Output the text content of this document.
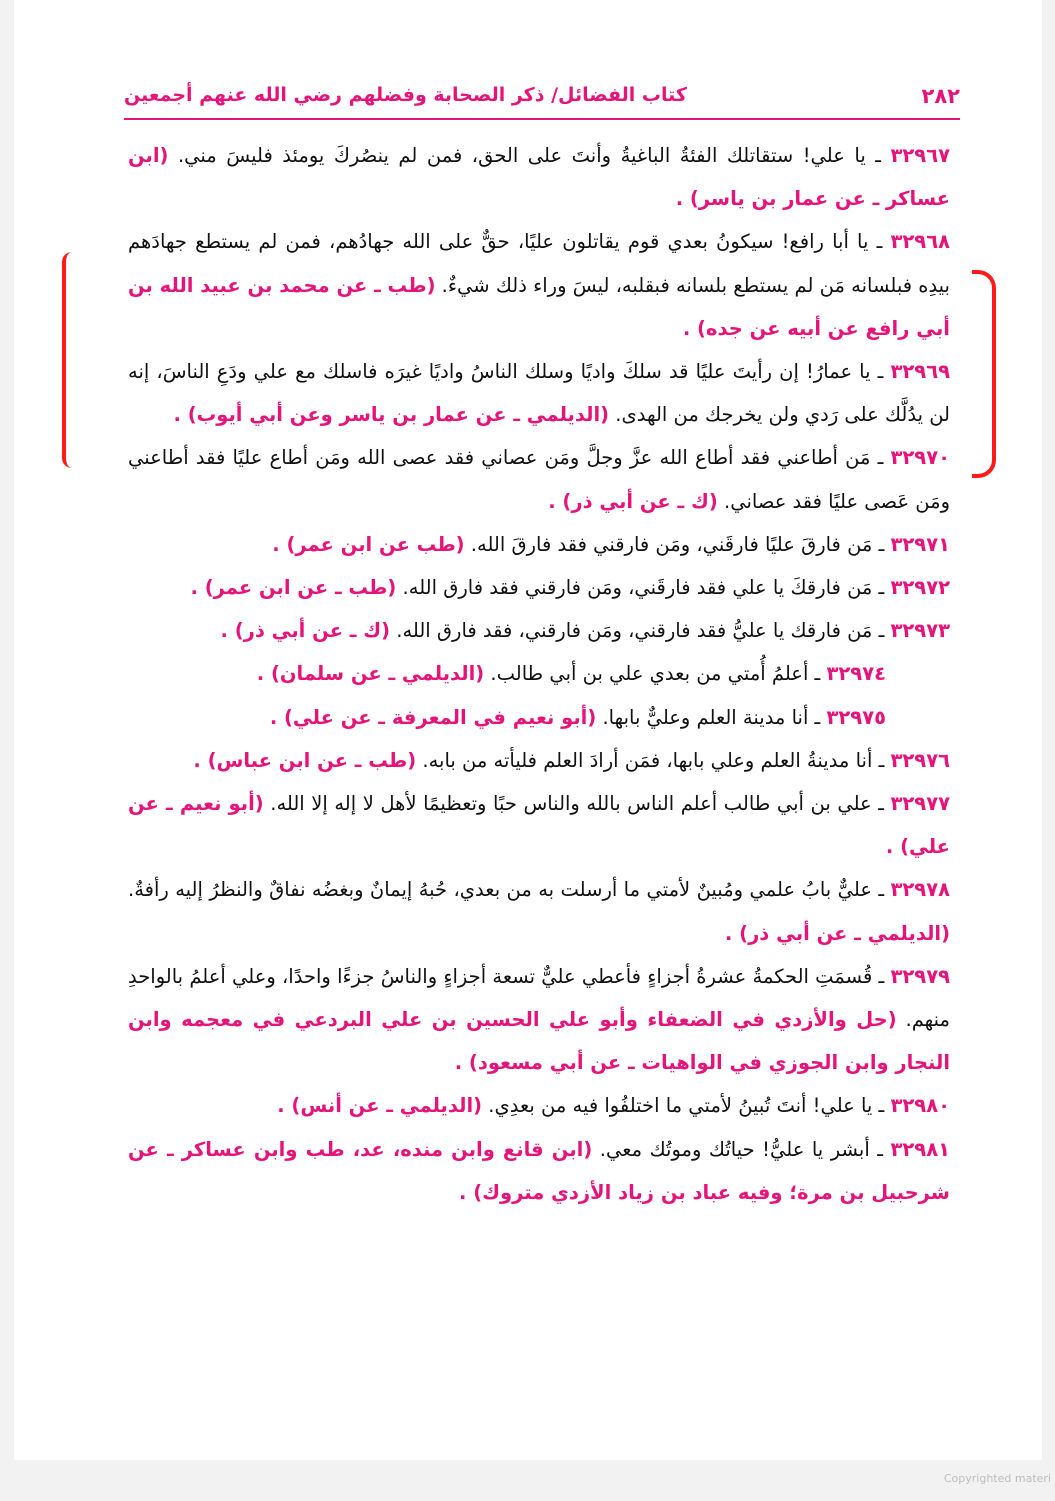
٢٨٢
كتاب الفضائل/ ذكر الصحابة وفضلهم رضي الله عنهم أجمعين

٣٢٩٦٧ ـ يا علي! ستقاتلك الفئةُ الباغيةُ وأنتَ على الحق، فمن لم ينصُركَ يومئذ فليسَ مني. (ابن عساكر ـ عن عمار بن ياسر) .

٣٢٩٦٨ ـ يا أبا رافع! سيكونُ بعدي قوم يقاتلون عليًا، حقٌّ على الله جهادُهم، فمن لم يستطع جهادَهم بيدِه فبلسانه مَن لم يستطع بلسانه فبقلبه، ليسَ وراء ذلك شيءٌ. (طب ـ عن محمد بن عبيد الله بن أبي رافع عن أبيه عن جده) .

٣٢٩٦٩ ـ يا عمارُ! إن رأيتَ عليًا قد سلكَ واديًا وسلك الناسُ واديًا غيرَه فاسلك مع علي ودَعِ الناسَ، إنه لن يدُلَّك على رَدي ولن يخرجك من الهدى. (الديلمي ـ عن عمار بن ياسر وعن أبي أيوب) .

٣٢٩٧٠ ـ مَن أطاعني فقد أطاع الله عزَّ وجلَّ ومَن عصاني فقد عصى الله ومَن أطاع عليًا فقد أطاعني ومَن عَصى عليًا فقد عصاني. (ك ـ عن أبي ذر) .

٣٢٩٧١ ـ مَن فارقَ عليًا فارقَني، ومَن فارقني فقد فارقَ الله. (طب عن ابن عمر) .

٣٢٩٧٢ ـ مَن فارقكَ يا علي فقد فارقَني، ومَن فارقني فقد فارق الله. (طب ـ عن ابن عمر) .

٣٢٩٧٣ ـ مَن فارقك يا عليُّ فقد فارقني، ومَن فارقني، فقد فارق الله. (ك ـ عن أبي ذر) .

٣٢٩٧٤ ـ أعلمُ أُمتي من بعدي علي بن أبي طالب. (الديلمي ـ عن سلمان) .

٣٢٩٧٥ ـ أنا مدينة العلم وعليٌّ بابها. (أبو نعيم في المعرفة ـ عن علي) .

٣٢٩٧٦ ـ أنا مدينةُ العلم وعلي بابها، فمَن أرادَ العلم فليأته من بابه. (طب ـ عن ابن عباس) .

٣٢٩٧٧ ـ علي بن أبي طالب أعلم الناس بالله والناس حبًا وتعظيمًا لأهل لا إله إلا الله. (أبو نعيم ـ عن علي) .

٣٢٩٧٨ ـ عليٌّ بابُ علمي ومُبينٌ لأمتي ما أرسلت به من بعدي، حُبهُ إيمانٌ وبغضُه نفاقٌ والنظرُ إليه رأفةٌ. (الديلمي ـ عن أبي ذر) .

٣٢٩٧٩ ـ قُسمَتِ الحكمةُ عشرةُ أجزاءٍ فأعطي عليٌّ تسعة أجزاءٍ والناسُ جزءًا واحدًا، وعلي أعلمُ بالواحدِ منهم. (حل والأزدي في الضعفاء وأبو علي الحسين بن علي البردعي في معجمه وابن النجار وابن الجوزي في الواهيات ـ عن أبي مسعود) .

٣٢٩٨٠ ـ يا علي! أنتَ تُبينُ لأمتي ما اختلفُوا فيه من بعدِي. (الديلمي ـ عن أنس) .

٣٢٩٨١ ـ أبشر يا عليُّ! حياتُك وموتُك معي. (ابن قانع وابن منده، عد، طب وابن عساكر ـ عن شرحبيل بن مرة؛ وفيه عباد بن زياد الأزدي متروك) .

Copyrighted materi
